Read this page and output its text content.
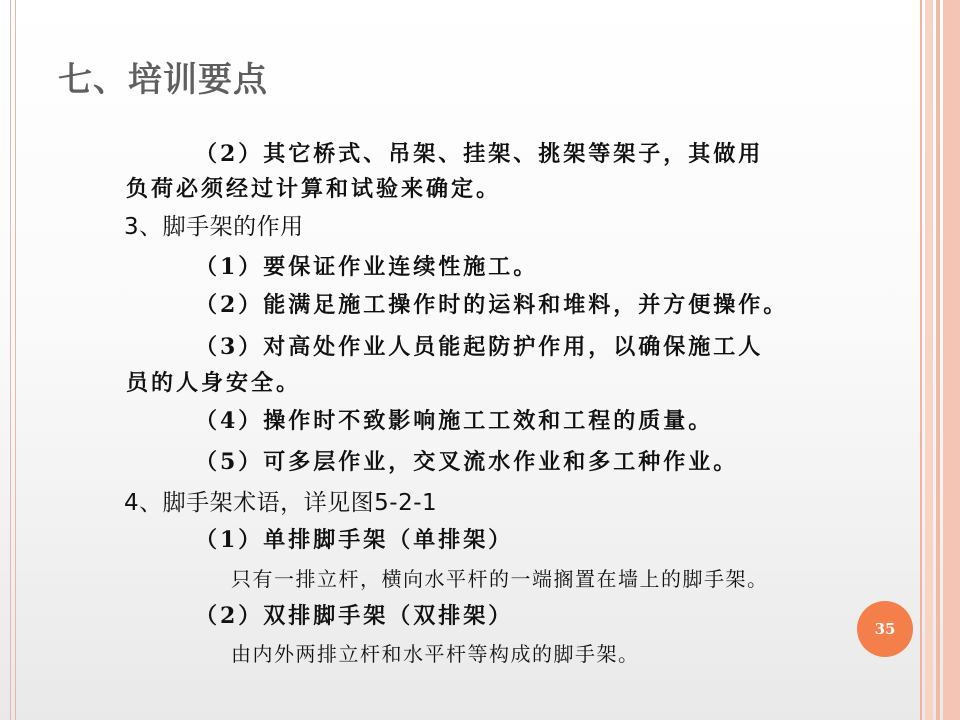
七、培训要点
（2）其它桥式、吊架、挂架、挑架等架子，其做用
负荷必须经过计算和试验来确定。
3、脚手架的作用
（1）要保证作业连续性施工。
（2）能满足施工操作时的运料和堆料，并方便操作。
（3）对高处作业人员能起防护作用，以确保施工人
员的人身安全。
（4）操作时不致影响施工工效和工程的质量。
（5）可多层作业，交叉流水作业和多工种作业。
4、脚手架术语，详见图5-2-1
（1）单排脚手架（单排架）
只有一排立杆，横向水平杆的一端搁置在墙上的脚手架。
（2）双排脚手架（双排架）
由内外两排立杆和水平杆等构成的脚手架。
35
